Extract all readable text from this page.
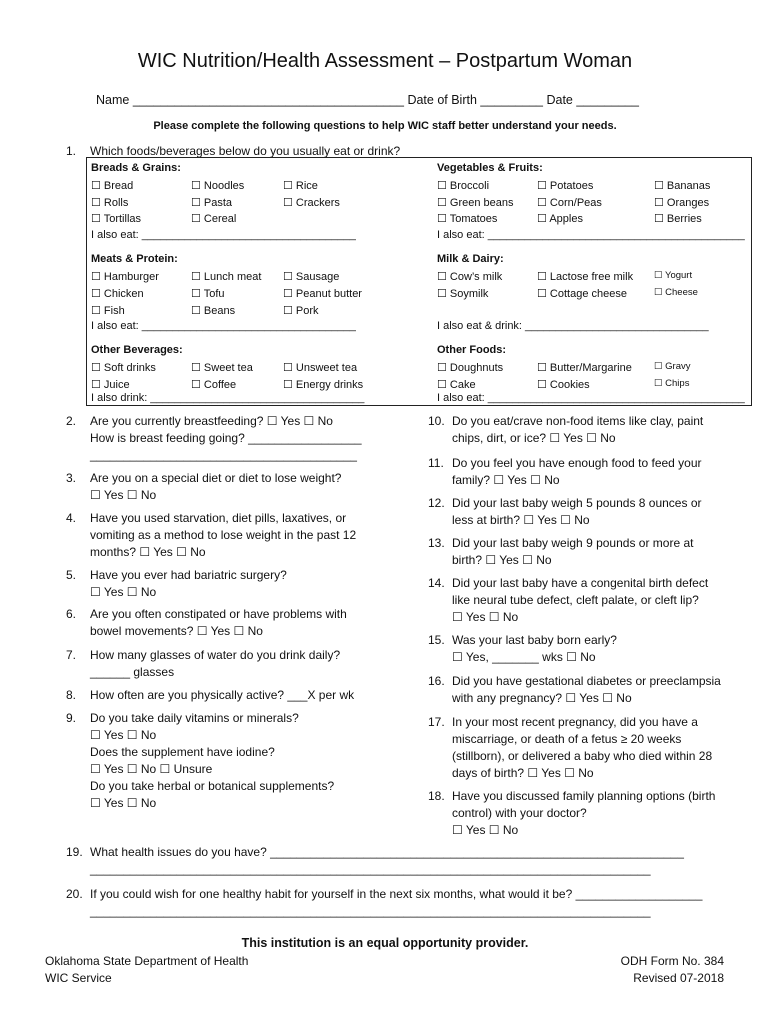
WIC Nutrition/Health Assessment – Postpartum Woman
Name _______________________________________ Date of Birth _________ Date _________
Please complete the following questions to help WIC staff better understand your needs.
1. Which foods/beverages below do you usually eat or drink?
Breads & Grains:
☐ Bread	☐ Noodles	☐ Rice
☐ Rolls	☐ Pasta	☐ Crackers
☐ Tortillas	☐ Cereal
I also eat: ___________________________________
Vegetables & Fruits:
☐ Broccoli	☐ Potatoes	☐ Bananas
☐ Green beans ☐ Corn/Peas	☐ Oranges
☐ Tomatoes	☐ Apples	☐ Berries
I also eat: __________________________________________
Meats & Protein:
☐ Hamburger	☐ Lunch meat ☐ Sausage
☐ Chicken	☐ Tofu	☐ Peanut butter
☐ Fish	☐ Beans	☐ Pork
I also eat: ___________________________________
Milk & Dairy:
☐ Cow’s milk	☐ Lactose free milk ☐ Yogurt
☐ Soymilk	☐ Cottage cheese	☐ Cheese
I also eat & drink: ______________________________
Other Beverages:
☐ Soft drinks	☐ Sweet tea	☐ Unsweet tea
☐ Juice	☐ Coffee	☐ Energy drinks
I also drink: ___________________________________
Other Foods:
☐ Doughnuts	☐ Butter/Margarine ☐ Gravy
☐ Cake	☐ Cookies	☐ Chips
I also eat: __________________________________________
2. Are you currently breastfeeding? ☐ Yes ☐ No
How is breast feeding going? _________________
________________________________________
3. Are you on a special diet or diet to lose weight?
☐ Yes ☐ No
4. Have you used starvation, diet pills, laxatives, or
vomiting as a method to lose weight in the past 12
months? ☐ Yes ☐ No
5. Have you ever had bariatric surgery?
☐ Yes ☐ No
6. Are you often constipated or have problems with
bowel movements? ☐ Yes ☐ No
7. How many glasses of water do you drink daily?
______ glasses
8. How often are you physically active? ___X per wk
9. Do you take daily vitamins or minerals?
☐ Yes ☐ No
Does the supplement have iodine?
☐ Yes ☐ No ☐ Unsure
Do you take herbal or botanical supplements?
☐ Yes ☐ No
10. Do you eat/crave non-food items like clay, paint
chips, dirt, or ice? ☐ Yes ☐ No
11. Do you feel you have enough food to feed your
family? ☐ Yes ☐ No
12. Did your last baby weigh 5 pounds 8 ounces or
less at birth? ☐ Yes ☐ No
13. Did your last baby weigh 9 pounds or more at
birth? ☐ Yes ☐ No
14. Did your last baby have a congenital birth defect
like neural tube defect, cleft palate, or cleft lip?
☐ Yes ☐ No
15. Was your last baby born early?
☐ Yes, _______ wks ☐ No
16. Did you have gestational diabetes or preeclampsia
with any pregnancy? ☐ Yes ☐ No
17. In your most recent pregnancy, did you have a
miscarriage, or death of a fetus ≥ 20 weeks
(stillborn), or delivered a baby who died within 28
days of birth? ☐ Yes ☐ No
18. Have you discussed family planning options (birth
control) with your doctor?
☐ Yes ☐ No
19. What health issues do you have? ______________________________________________________________
____________________________________________________________________________________
20. If you could wish for one healthy habit for yourself in the next six months, what would it be? ___________________
____________________________________________________________________________________
This institution is an equal opportunity provider.
Oklahoma State Department of Health
WIC Service
ODH Form No. 384
Revised 07-2018
